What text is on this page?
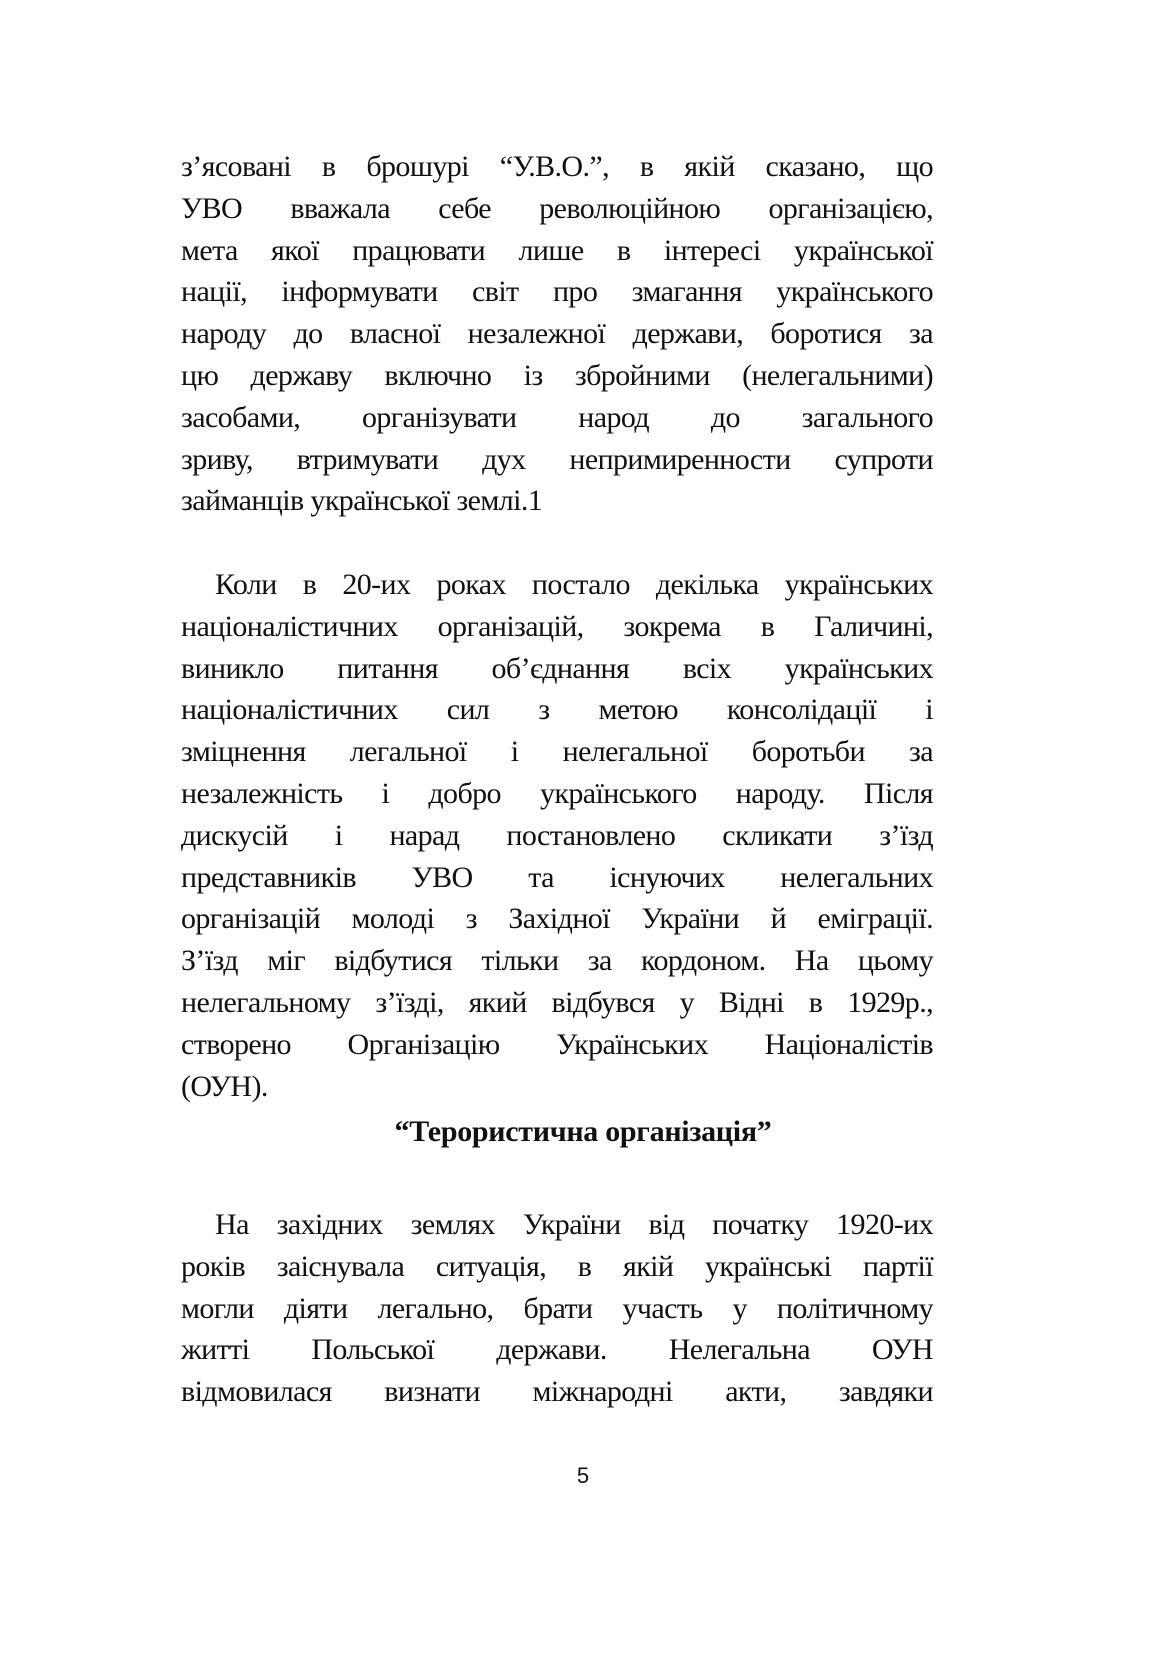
з’ясовані в брошурі “У.В.О.”, в якій сказано, що
УВО вважала себе революційною організацією,
мета якої працювати лише в інтересі української
нації, інформувати світ про змагання українського
народу до власної незалежної держави, боротися за
цю державу включно із збройними (нелегальними)
засобами, організувати народ до загального
зриву, втримувати дух непримиренности супроти
займанців української землі.1
Коли в 20-их роках постало декілька українських
націоналістичних організацій, зокрема в Галичині,
виникло питання об’єднання всіх українських
націоналістичних сил з метою консолідації і
зміцнення легальної і нелегальної боротьби за
незалежність і добро українського народу. Після
дискусій і нарад постановлено скликати з’їзд
представників УВО та існуючих нелегальних
організацій молоді з Західної України й еміграції.
З’їзд міг відбутися тільки за кордоном. На цьому
нелегальному з’їзді, який відбувся у Відні в 1929р.,
створено Організацію Українських Націоналістів
(ОУН).
“Терористична організація”
На західних землях України від початку 1920-их
років заіснувала ситуація, в якій українські партії
могли діяти легально, брати участь у політичному
житті Польської держави. Нелегальна ОУН
відмовилася визнати міжнародні акти, завдяки
5
